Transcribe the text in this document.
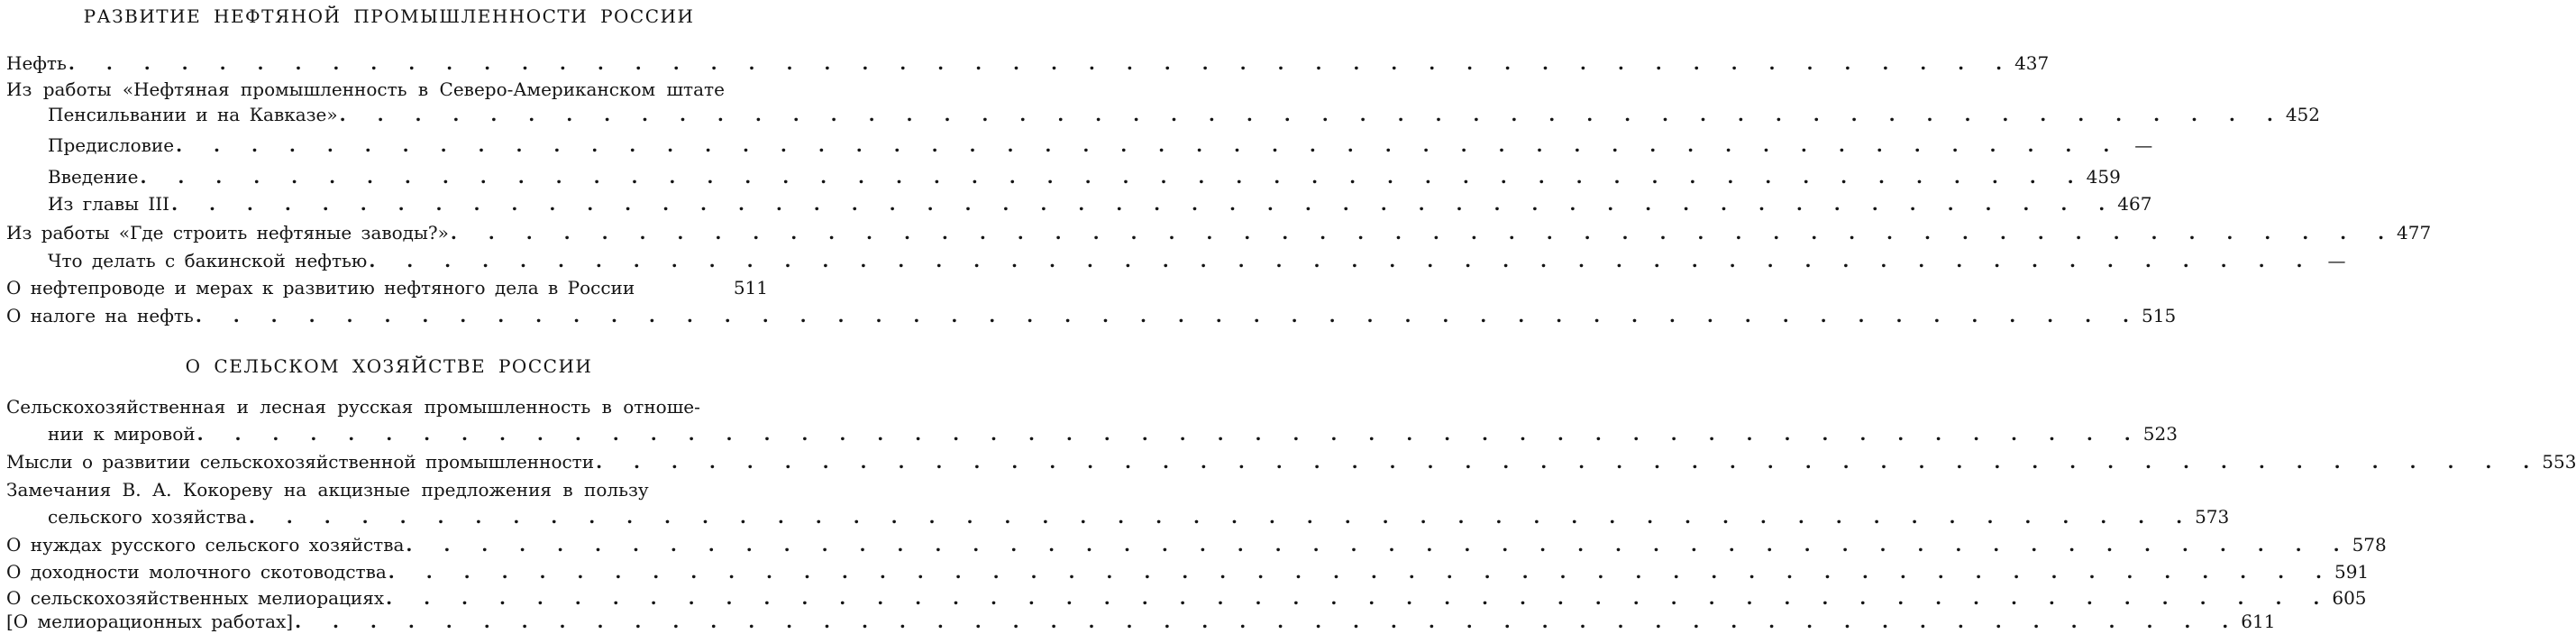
РАЗВИТИЕ НЕФТЯНОЙ ПРОМЫШЛЕННОСТИ РОССИИ
Нефть . . . . . . . . . . . . . . . . . . . . . . . . . . . . . . . . . . . . . . . . . . . . . . . . . . . . 437
Из работы «Нефтяная промышленность в Северо-Американском штате
Пенсильвании и на Кавказе» . . . . . . . . . . . . . . . . . . . . . . . . . . . . . . . . . . . . . . . . . . . . . . . . . . . . 452
Предисловие . . . . . . . . . . . . . . . . . . . . . . . . . . . . . . . . . . . . . . . . . . . . . . . . . . . . —
Введение . . . . . . . . . . . . . . . . . . . . . . . . . . . . . . . . . . . . . . . . . . . . . . . . . . . . 459
Из главы III . . . . . . . . . . . . . . . . . . . . . . . . . . . . . . . . . . . . . . . . . . . . . . . . . . . . 467
Из работы «Где строить нефтяные заводы?» . . . . . . . . . . . . . . . . . . . . . . . . . . . . . . . . . . . . . . . . . . . . . . . . . . . . 477
Что делать с бакинской нефтью . . . . . . . . . . . . . . . . . . . . . . . . . . . . . . . . . . . . . . . . . . . . . . . . . . . . —
О нефтепроводе и мерах к развитию нефтяного дела в России	511
О налоге на нефть . . . . . . . . . . . . . . . . . . . . . . . . . . . . . . . . . . . . . . . . . . . . . . . . . . . . 515
О СЕЛЬСКОМ ХОЗЯЙСТВЕ РОССИИ
Сельскохозяйственная и лесная русская промышленность в отноше-
нии к мировой . . . . . . . . . . . . . . . . . . . . . . . . . . . . . . . . . . . . . . . . . . . . . . . . . . . . 523
Мысли о развитии сельскохозяйственной промышленности . . . . . . . . . . . . . . . . . . . . . . . . . . . . . . . . . . . . . . . . . . . . . . . . . . . . 553
Замечания В. А. Кокореву на акцизные предложения в пользу
сельского хозяйства . . . . . . . . . . . . . . . . . . . . . . . . . . . . . . . . . . . . . . . . . . . . . . . . . . . . 573
О нуждах русского сельского хозяйства . . . . . . . . . . . . . . . . . . . . . . . . . . . . . . . . . . . . . . . . . . . . . . . . . . . . 578
О доходности молочного скотоводства . . . . . . . . . . . . . . . . . . . . . . . . . . . . . . . . . . . . . . . . . . . . . . . . . . . . 591
О сельскохозяйственных мелиорациях . . . . . . . . . . . . . . . . . . . . . . . . . . . . . . . . . . . . . . . . . . . . . . . . . . . . 605
[О мелиорационных работах] . . . . . . . . . . . . . . . . . . . . . . . . . . . . . . . . . . . . . . . . . . . . . . . . . . . . 611
